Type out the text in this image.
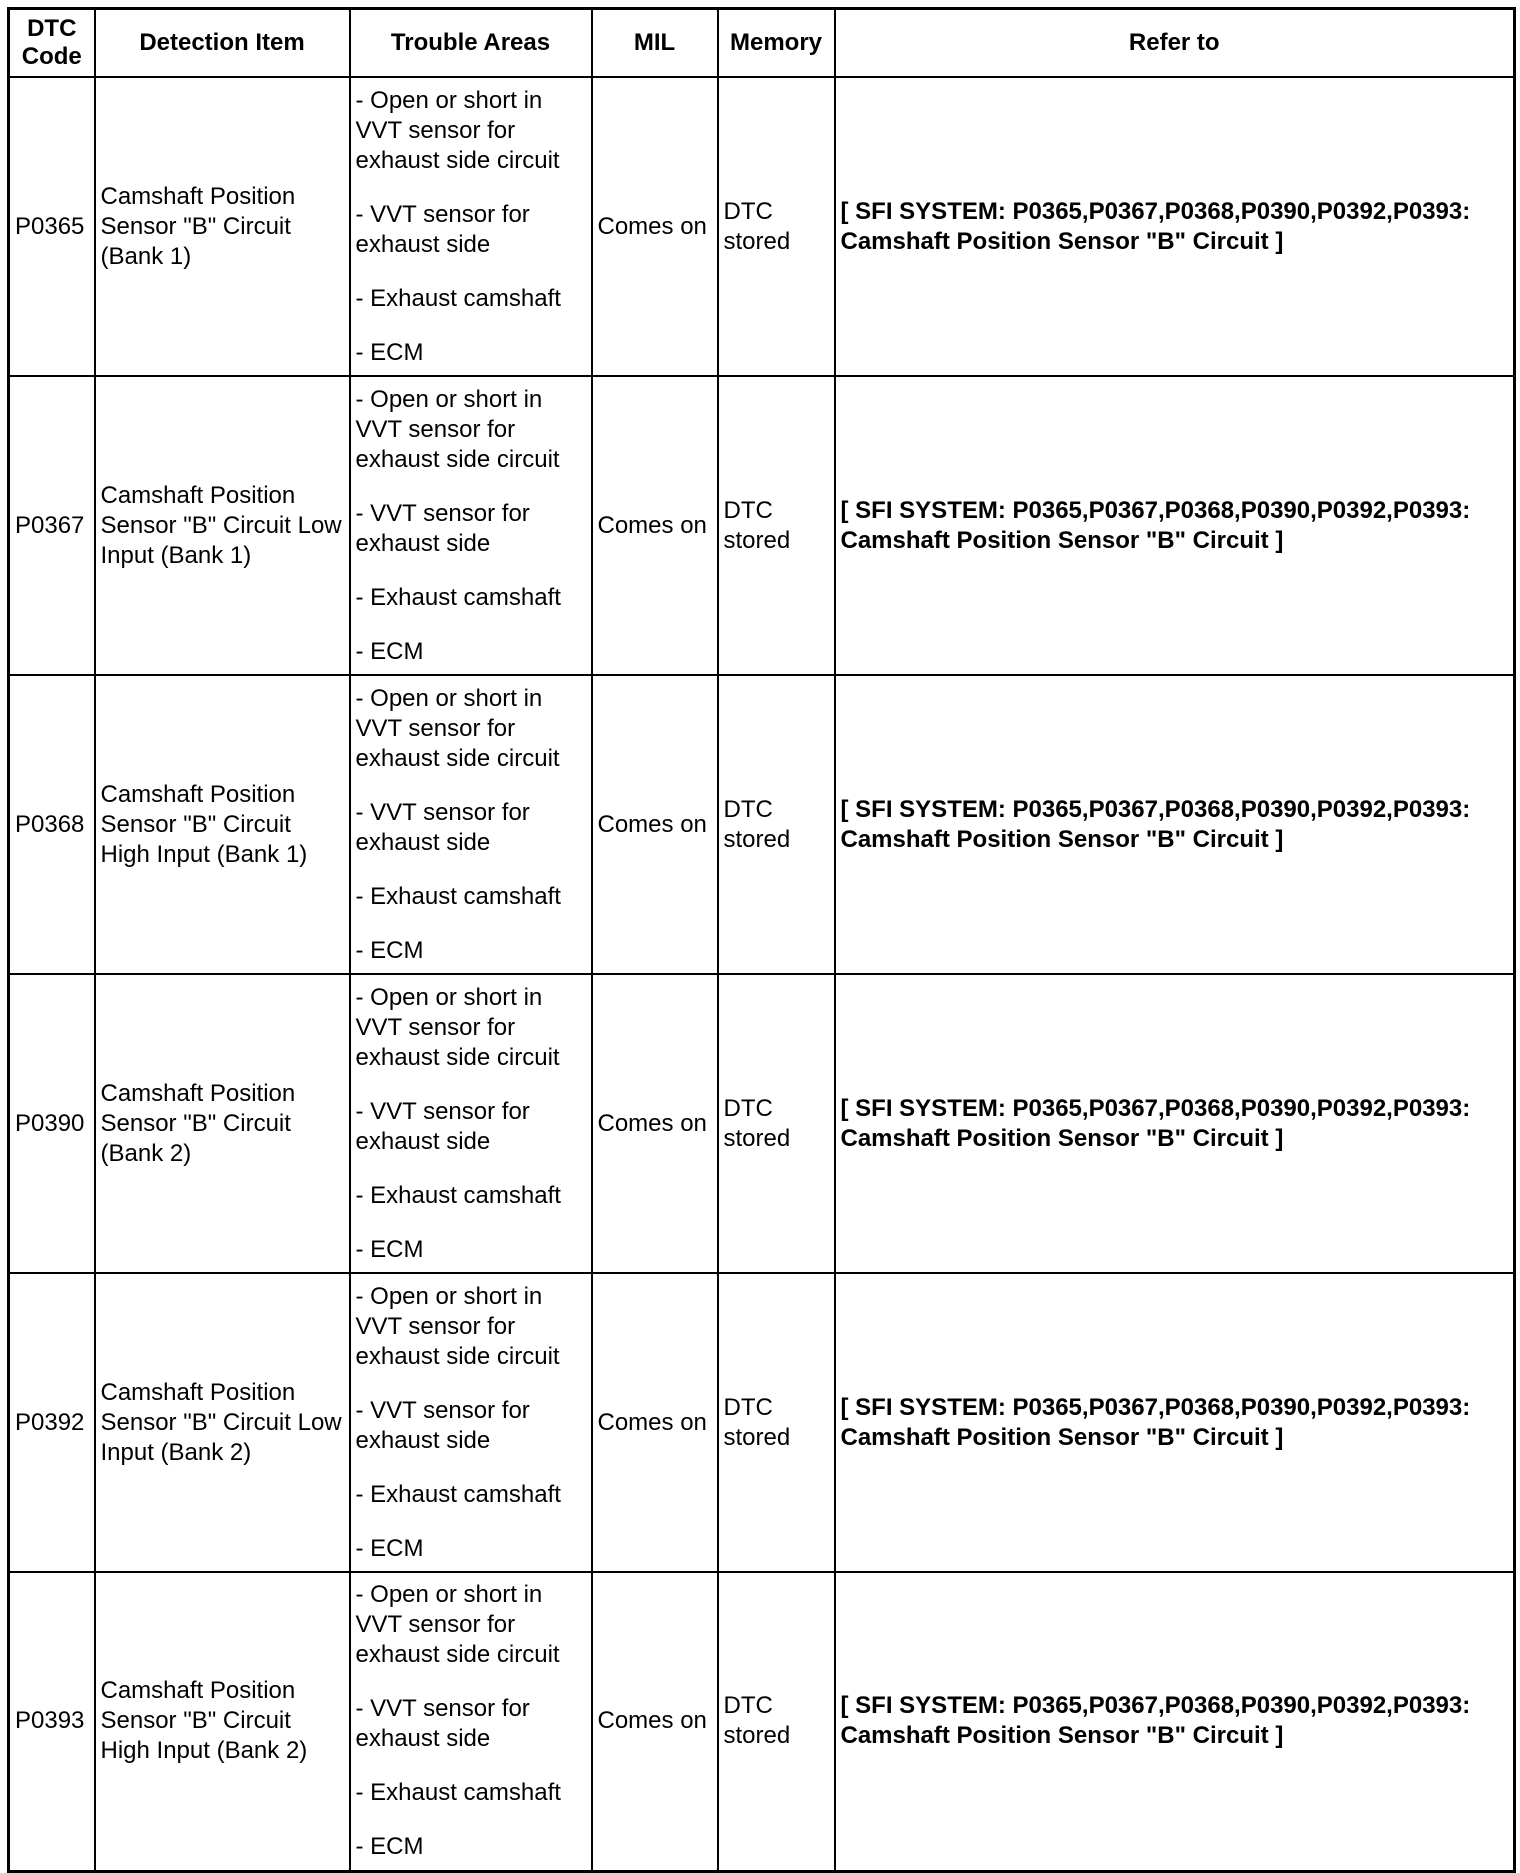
DTC
Code	Detection Item	Trouble Areas	MIL	Memory	Refer to
P0365	Camshaft Position Sensor "B" Circuit (Bank 1)	- Open or short in VVT sensor for exhaust side circuit
- VVT sensor for exhaust side
- Exhaust camshaft
- ECM	Comes on	DTC stored	[ SFI SYSTEM: P0365,P0367,P0368,P0390,P0392,P0393:
Camshaft Position Sensor "B" Circuit ]

P0367	Camshaft Position Sensor "B" Circuit Low Input (Bank 1)	- Open or short in VVT sensor for exhaust side circuit
- VVT sensor for exhaust side
- Exhaust camshaft
- ECM	Comes on	DTC stored	[ SFI SYSTEM: P0365,P0367,P0368,P0390,P0392,P0393:
Camshaft Position Sensor "B" Circuit ]

P0368	Camshaft Position Sensor "B" Circuit High Input (Bank 1)	- Open or short in VVT sensor for exhaust side circuit
- VVT sensor for exhaust side
- Exhaust camshaft
- ECM	Comes on	DTC stored	[ SFI SYSTEM: P0365,P0367,P0368,P0390,P0392,P0393:
Camshaft Position Sensor "B" Circuit ]

P0390	Camshaft Position Sensor "B" Circuit (Bank 2)	- Open or short in VVT sensor for exhaust side circuit
- VVT sensor for exhaust side
- Exhaust camshaft
- ECM	Comes on	DTC stored	[ SFI SYSTEM: P0365,P0367,P0368,P0390,P0392,P0393:
Camshaft Position Sensor "B" Circuit ]

P0392	Camshaft Position Sensor "B" Circuit Low Input (Bank 2)	- Open or short in VVT sensor for exhaust side circuit
- VVT sensor for exhaust side
- Exhaust camshaft
- ECM	Comes on	DTC stored	[ SFI SYSTEM: P0365,P0367,P0368,P0390,P0392,P0393:
Camshaft Position Sensor "B" Circuit ]

P0393	Camshaft Position Sensor "B" Circuit High Input (Bank 2)	- Open or short in VVT sensor for exhaust side circuit
- VVT sensor for exhaust side
- Exhaust camshaft
- ECM	Comes on	DTC stored	[ SFI SYSTEM: P0365,P0367,P0368,P0390,P0392,P0393:
Camshaft Position Sensor "B" Circuit ]
